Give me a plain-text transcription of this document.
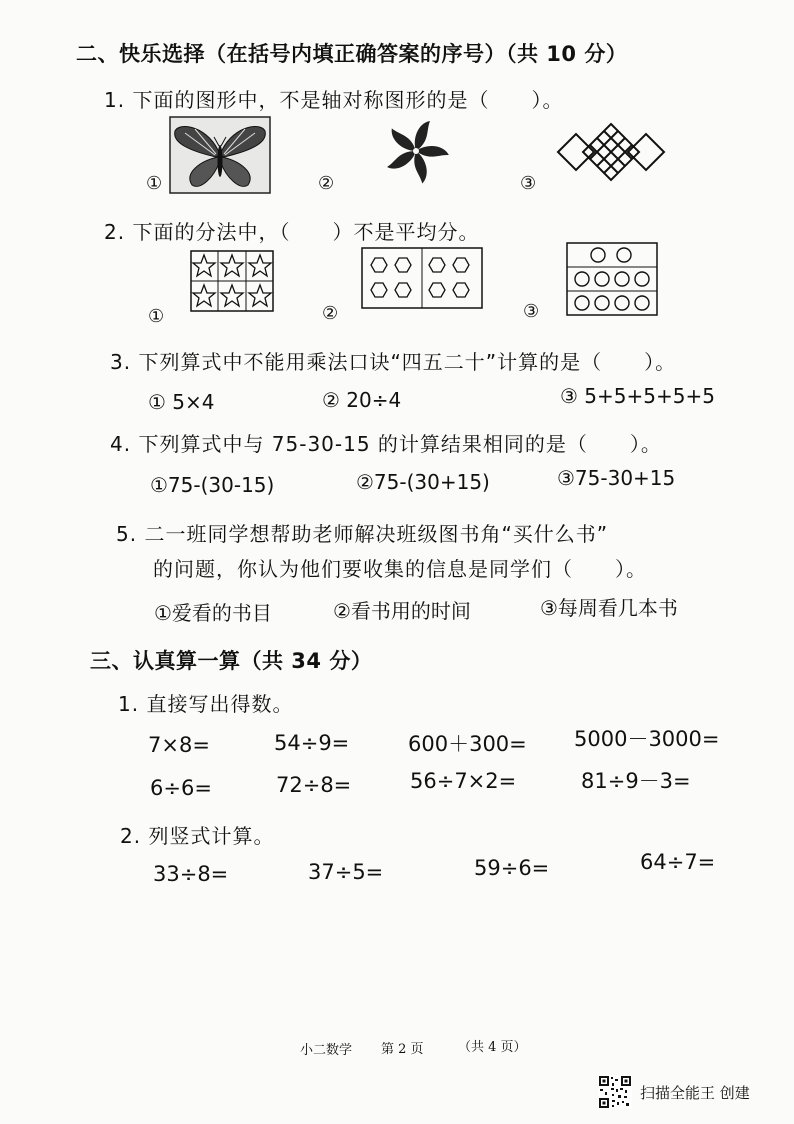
二、快乐选择（在括号内填正确答案的序号）（共 10 分）
1. 下面的图形中，不是轴对称图形的是（　　）。
①	②	③
2. 下面的分法中，（　　）不是平均分。
①	②	③
3. 下列算式中不能用乘法口诀“四五二十”计算的是（　　）。
① 5×4	② 20÷4	③ 5+5+5+5+5
4. 下列算式中与 75-30-15 的计算结果相同的是（　　）。
①75-(30-15)	②75-(30+15)	③75-30+15
5. 二一班同学想帮助老师解决班级图书角“买什么书”
的问题，你认为他们要收集的信息是同学们（　　）。
①爱看的书目	②看书用的时间	③每周看几本书
三、认真算一算（共 34 分）
1. 直接写出得数。
7×8=	54÷9=	600＋300= 5000－3000=
6÷6=	72÷8=	56÷7×2=	81÷9－3=
2. 列竖式计算。
33÷8=	37÷5=	59÷6=	64÷7=
小二数学 第 2 页	（共 4 页）
扫描全能王 创建
